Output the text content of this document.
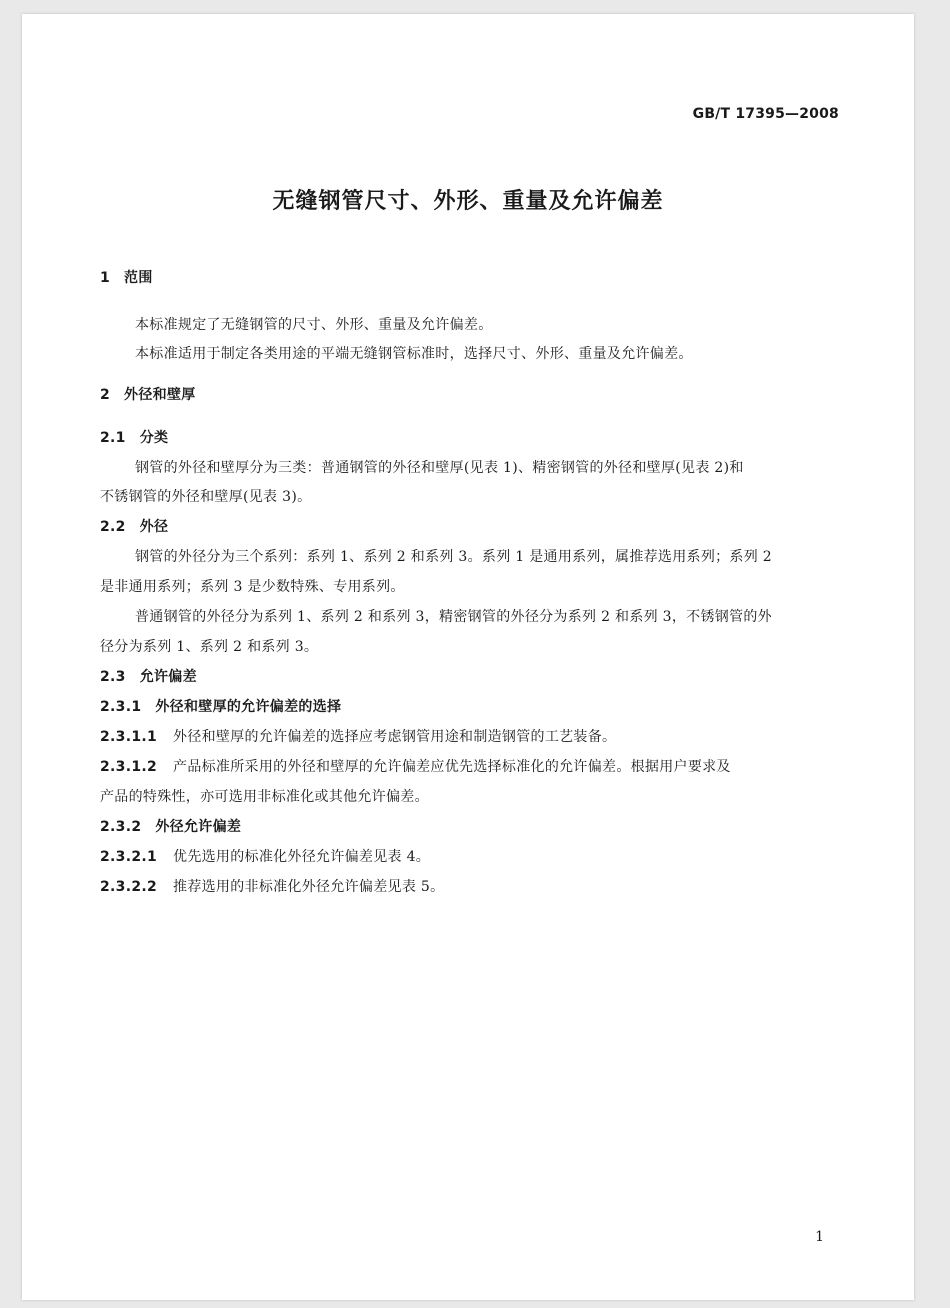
GB/T 17395—2008
无缝钢管尺寸、外形、重量及允许偏差
1 范围
本标准规定了无缝钢管的尺寸、外形、重量及允许偏差。
本标准适用于制定各类用途的平端无缝钢管标准时，选择尺寸、外形、重量及允许偏差。
2 外径和壁厚
2.1 分类
钢管的外径和壁厚分为三类：普通钢管的外径和壁厚(见表 1)、精密钢管的外径和壁厚(见表 2)和
不锈钢管的外径和壁厚(见表 3)。
2.2 外径
钢管的外径分为三个系列：系列 1、系列 2 和系列 3。系列 1 是通用系列，属推荐选用系列；系列 2
是非通用系列；系列 3 是少数特殊、专用系列。
普通钢管的外径分为系列 1、系列 2 和系列 3，精密钢管的外径分为系列 2 和系列 3，不锈钢管的外
径分为系列 1、系列 2 和系列 3。
2.3 允许偏差
2.3.1 外径和壁厚的允许偏差的选择
2.3.1.1 外径和壁厚的允许偏差的选择应考虑钢管用途和制造钢管的工艺装备。
2.3.1.2 产品标准所采用的外径和壁厚的允许偏差应优先选择标准化的允许偏差。根据用户要求及
产品的特殊性，亦可选用非标准化或其他允许偏差。
2.3.2 外径允许偏差
2.3.2.1 优先选用的标准化外径允许偏差见表 4。
2.3.2.2 推荐选用的非标准化外径允许偏差见表 5。
1
